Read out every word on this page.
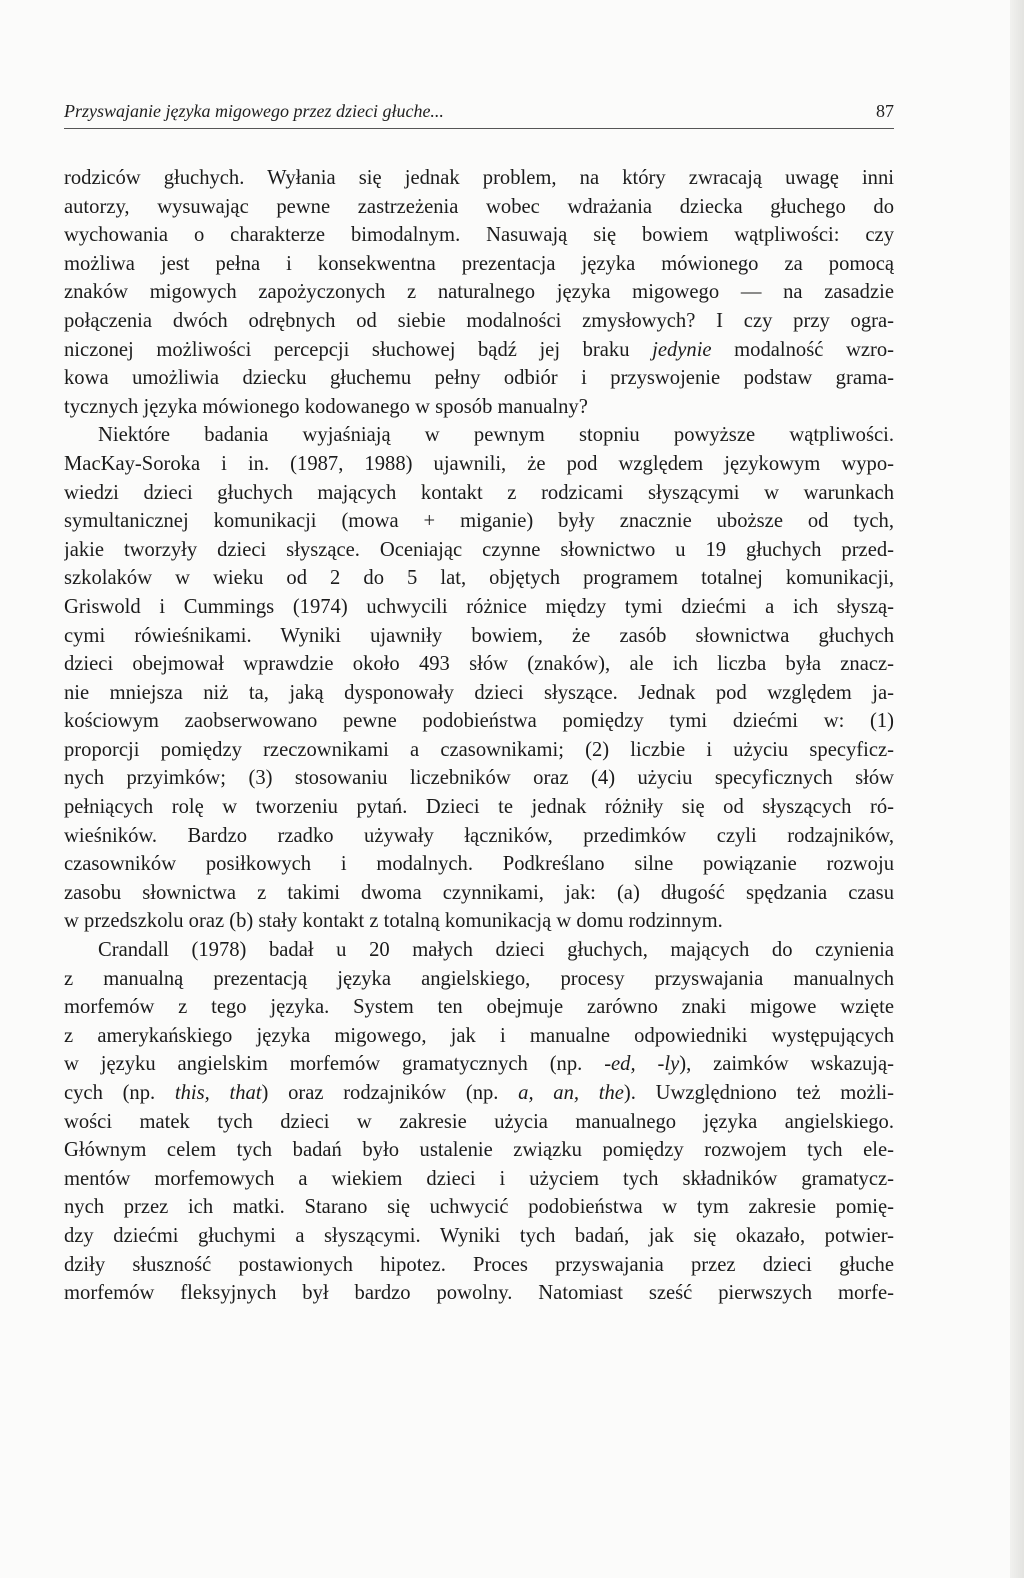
Przyswajanie języka migowego przez dzieci głuche...	87
rodziców głuchych. Wyłania się jednak problem, na który zwracają uwagę inni
autorzy, wysuwając pewne zastrzeżenia wobec wdrażania dziecka głuchego do
wychowania o charakterze bimodalnym. Nasuwają się bowiem wątpliwości: czy
możliwa jest pełna i konsekwentna prezentacja języka mówionego za pomocą
znaków migowych zapożyczonych z naturalnego języka migowego — na zasadzie
połączenia dwóch odrębnych od siebie modalności zmysłowych? I czy przy ogra-
niczonej możliwości percepcji słuchowej bądź jej braku jedynie modalność wzro-
kowa umożliwia dziecku głuchemu pełny odbiór i przyswojenie podstaw grama-
tycznych języka mówionego kodowanego w sposób manualny?
Niektóre badania wyjaśniają w pewnym stopniu powyższe wątpliwości.
MacKay-Soroka i in. (1987, 1988) ujawnili, że pod względem językowym wypo-
wiedzi dzieci głuchych mających kontakt z rodzicami słyszącymi w warunkach
symultanicznej komunikacji (mowa + miganie) były znacznie uboższe od tych,
jakie tworzyły dzieci słyszące. Oceniając czynne słownictwo u 19 głuchych przed-
szkolaków w wieku od 2 do 5 lat, objętych programem totalnej komunikacji,
Griswold i Cummings (1974) uchwycili różnice między tymi dziećmi a ich słyszą-
cymi rówieśnikami. Wyniki ujawniły bowiem, że zasób słownictwa głuchych
dzieci obejmował wprawdzie około 493 słów (znaków), ale ich liczba była znacz-
nie mniejsza niż ta, jaką dysponowały dzieci słyszące. Jednak pod względem ja-
kościowym zaobserwowano pewne podobieństwa pomiędzy tymi dziećmi w: (1)
proporcji pomiędzy rzeczownikami a czasownikami; (2) liczbie i użyciu specyficz-
nych przyimków; (3) stosowaniu liczebników oraz (4) użyciu specyficznych słów
pełniących rolę w tworzeniu pytań. Dzieci te jednak różniły się od słyszących ró-
wieśników. Bardzo rzadko używały łączników, przedimków czyli rodzajników,
czasowników posiłkowych i modalnych. Podkreślano silne powiązanie rozwoju
zasobu słownictwa z takimi dwoma czynnikami, jak: (a) długość spędzania czasu
w przedszkolu oraz (b) stały kontakt z totalną komunikacją w domu rodzinnym.
Crandall (1978) badał u 20 małych dzieci głuchych, mających do czynienia
z manualną prezentacją języka angielskiego, procesy przyswajania manualnych
morfemów z tego języka. System ten obejmuje zarówno znaki migowe wzięte
z amerykańskiego języka migowego, jak i manualne odpowiedniki występujących
w języku angielskim morfemów gramatycznych (np. -ed, -ly), zaimków wskazują-
cych (np. this, that) oraz rodzajników (np. a, an, the). Uwzględniono też możli-
wości matek tych dzieci w zakresie użycia manualnego języka angielskiego.
Głównym celem tych badań było ustalenie związku pomiędzy rozwojem tych ele-
mentów morfemowych a wiekiem dzieci i użyciem tych składników gramatycz-
nych przez ich matki. Starano się uchwycić podobieństwa w tym zakresie pomię-
dzy dziećmi głuchymi a słyszącymi. Wyniki tych badań, jak się okazało, potwier-
dziły słuszność postawionych hipotez. Proces przyswajania przez dzieci głuche
morfemów fleksyjnych był bardzo powolny. Natomiast sześć pierwszych morfe-
